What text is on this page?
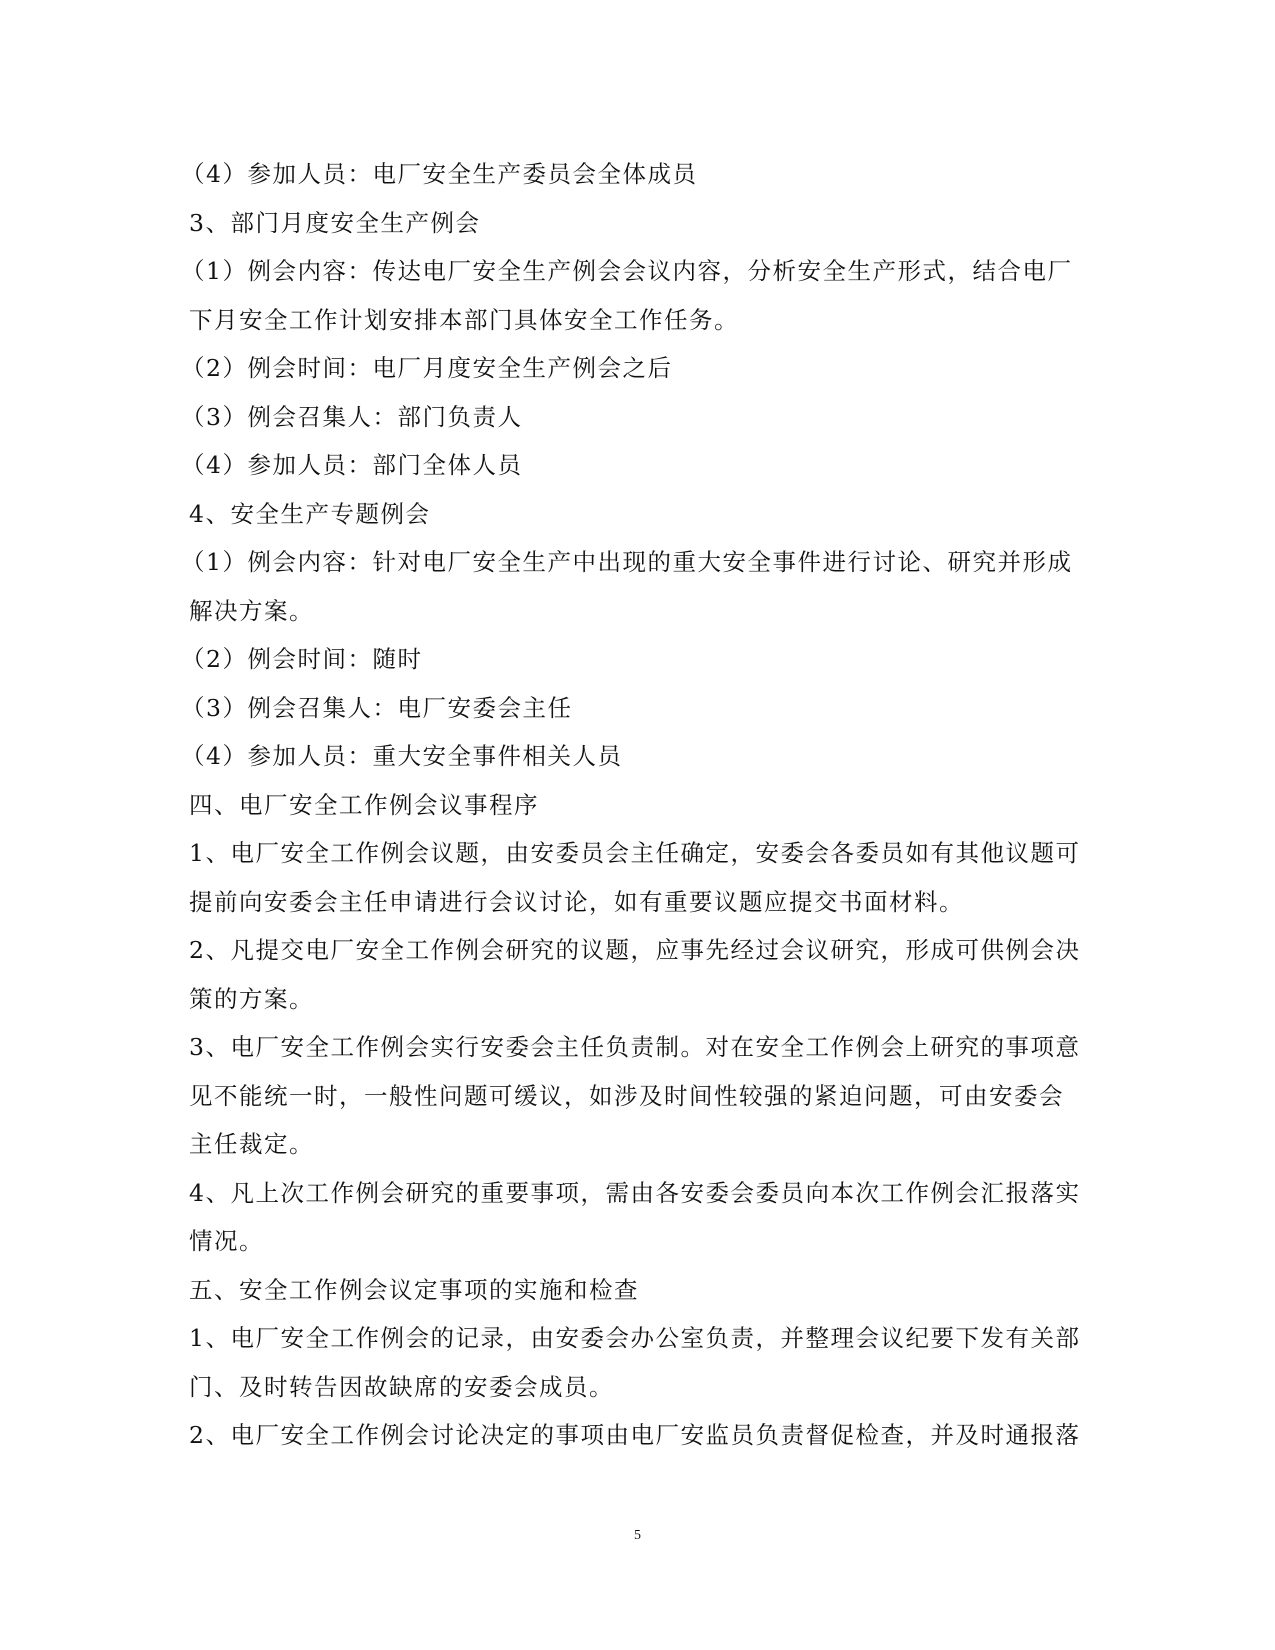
（4）参加人员：电厂安全生产委员会全体成员
3、部门月度安全生产例会
（1）例会内容：传达电厂安全生产例会会议内容，分析安全生产形式，结合电厂
下月安全工作计划安排本部门具体安全工作任务。
（2）例会时间：电厂月度安全生产例会之后
（3）例会召集人：部门负责人
（4）参加人员：部门全体人员
4、安全生产专题例会
（1）例会内容：针对电厂安全生产中出现的重大安全事件进行讨论、研究并形成
解决方案。
（2）例会时间：随时
（3）例会召集人：电厂安委会主任
（4）参加人员：重大安全事件相关人员
四、电厂安全工作例会议事程序
1、电厂安全工作例会议题，由安委员会主任确定，安委会各委员如有其他议题可
提前向安委会主任申请进行会议讨论，如有重要议题应提交书面材料。
2、凡提交电厂安全工作例会研究的议题，应事先经过会议研究，形成可供例会决
策的方案。
3、电厂安全工作例会实行安委会主任负责制。对在安全工作例会上研究的事项意
见不能统一时，一般性问题可缓议，如涉及时间性较强的紧迫问题，可由安委会
主任裁定。
4、凡上次工作例会研究的重要事项，需由各安委会委员向本次工作例会汇报落实
情况。
五、安全工作例会议定事项的实施和检查
1、电厂安全工作例会的记录，由安委会办公室负责，并整理会议纪要下发有关部
门、及时转告因故缺席的安委会成员。
2、电厂安全工作例会讨论决定的事项由电厂安监员负责督促检查，并及时通报落
5
